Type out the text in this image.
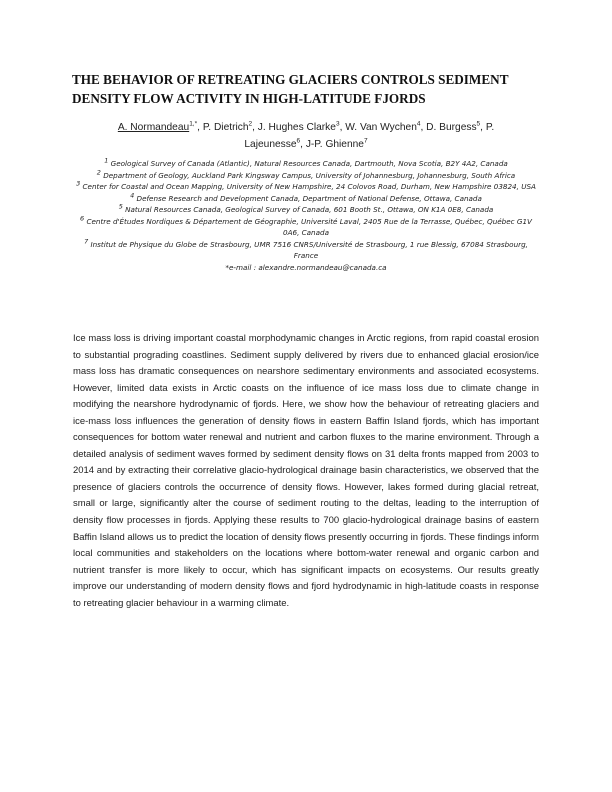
THE BEHAVIOR OF RETREATING GLACIERS CONTROLS SEDIMENT DENSITY FLOW ACTIVITY IN HIGH-LATITUDE FJORDS
A. Normandeau$^{1,*}$, P. Dietrich$^2$, J. Hughes Clarke$^3$, W. Van Wychen$^4$, D. Burgess$^5$, P. Lajeunesse$^6$, J-P. Ghienne$^7$
$^1$ Geological Survey of Canada (Atlantic), Natural Resources Canada, Dartmouth, Nova Scotia, B2Y 4A2, Canada
$^2$ Department of Geology, Auckland Park Kingsway Campus, University of Johannesburg, Johannesburg, South Africa
$^3$ Center for Coastal and Ocean Mapping, University of New Hampshire, 24 Colovos Road, Durham, New Hampshire 03824, USA
$^4$ Defense Research and Development Canada, Department of National Defense, Ottawa, Canada
$^5$ Natural Resources Canada, Geological Survey of Canada, 601 Booth St., Ottawa, ON K1A 0E8, Canada
$^6$ Centre d'Études Nordiques & Département de Géographie, Université Laval, 2405 Rue de la Terrasse, Québec, Québec G1V 0A6, Canada
$^7$ Institut de Physique du Globe de Strasbourg, UMR 7516 CNRS/Université de Strasbourg, 1 rue Blessig, 67084 Strasbourg, France
*e-mail : alexandre.normandeau@canada.ca

Ice mass loss is driving important coastal morphodynamic changes in Arctic regions, from rapid coastal erosion to substantial prograding coastlines. Sediment supply delivered by rivers due to enhanced glacial erosion/ice mass loss has dramatic consequences on nearshore sedimentary environments and associated ecosystems. However, limited data exists in Arctic coasts on the influence of ice mass loss due to climate change in modifying the nearshore hydrodynamic of fjords. Here, we show how the behaviour of retreating glaciers and ice-mass loss influences the generation of density flows in eastern Baffin Island fjords, which has important consequences for bottom water renewal and nutrient and carbon fluxes to the marine environment. Through a detailed analysis of sediment waves formed by sediment density flows on 31 delta fronts mapped from 2003 to 2014 and by extracting their correlative glacio-hydrological drainage basin characteristics, we observed that the presence of glaciers controls the occurrence of density flows. However, lakes formed during glacial retreat, small or large, significantly alter the course of sediment routing to the deltas, leading to the interruption of density flow processes in fjords. Applying these results to 700 glacio-hydrological drainage basins of eastern Baffin Island allows us to predict the location of density flows presently occurring in fjords. These findings inform local communities and stakeholders on the locations where bottom-water renewal and organic carbon and nutrient transfer is more likely to occur, which has significant impacts on ecosystems. Our results greatly improve our understanding of modern density flows and fjord hydrodynamic in high-latitude coasts in response to retreating glacier behaviour in a warming climate.
